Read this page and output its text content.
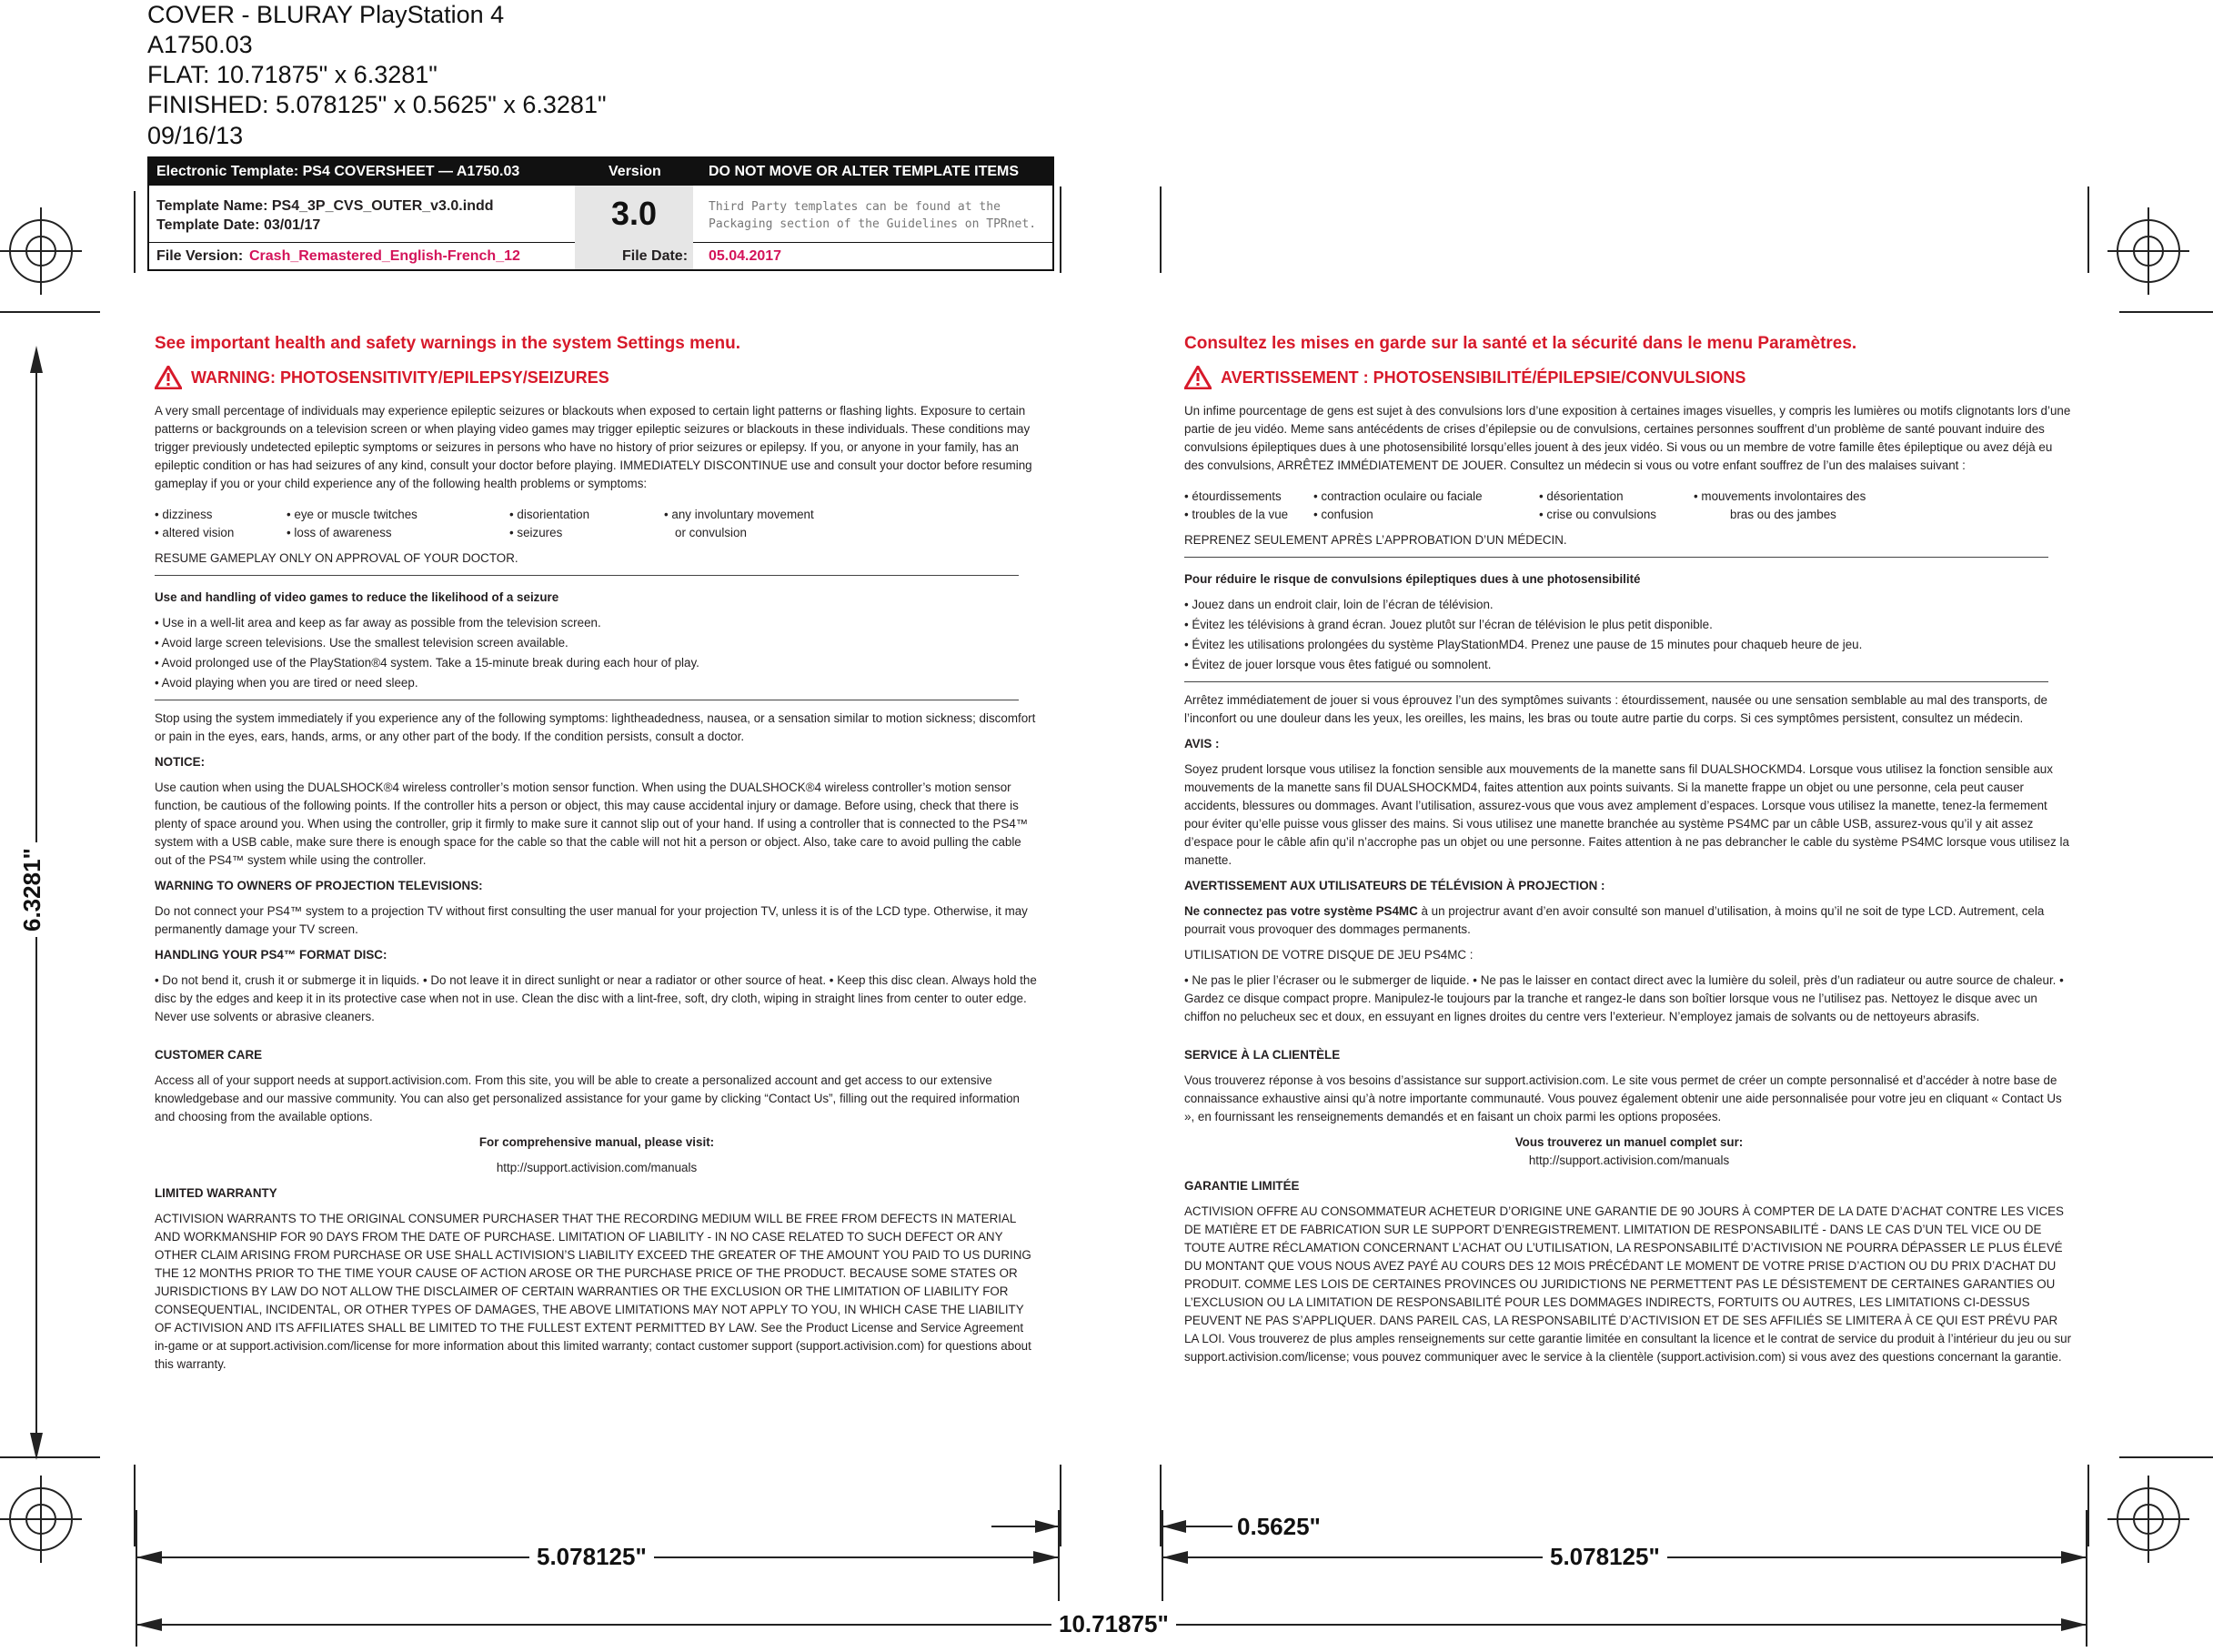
COVER - BLURAY PlayStation 4
A1750.03
FLAT: 10.71875" x 6.3281"
FINISHED: 5.078125" x 0.5625" x 6.3281"
09/16/13
Electronic Template: PS4 COVERSHEET — A1750.03	Version	DO NOT MOVE OR ALTER TEMPLATE ITEMS
3.0
Template Name: PS4_3P_CVS_OUTER_v3.0.indd
Template Date: 03/01/17
Third Party templates can be found at the Packaging section of the Guidelines on TPRnet.
File Version: Crash_Remastered_English-French_12	File Date: 05.04.2017
6.3281"
5.078125"
0.5625"
5.078125"
10.71875"
See important health and safety warnings in the system Settings menu.
WARNING: PHOTOSENSITIVITY/EPILEPSY/SEIZURES

A very small percentage of individuals may experience epileptic seizures or blackouts when exposed to certain light patterns or flashing lights. Exposure to certain patterns or backgrounds on a television screen or when playing video games may trigger epileptic seizures or blackouts in these individuals. These conditions may trigger previously undetected epileptic symptoms or seizures in persons who have no history of prior seizures or epilepsy. If you, or anyone in your family, has an epileptic condition or has had seizures of any kind, consult your doctor before playing. IMMEDIATELY DISCONTINUE use and consult your doctor before resuming gameplay if you or your child experience any of the following health problems or symptoms:

• dizziness	• eye or muscle twitches	• disorientation	• any involuntary movement
• altered vision	• loss of awareness	• seizures	or convulsion

RESUME GAMEPLAY ONLY ON APPROVAL OF YOUR DOCTOR.

Use and handling of video games to reduce the likelihood of a seizure

• Use in a well-lit area and keep as far away as possible from the television screen.
• Avoid large screen televisions. Use the smallest television screen available.
• Avoid prolonged use of the PlayStation®4 system. Take a 15-minute break during each hour of play.
• Avoid playing when you are tired or need sleep.

Stop using the system immediately if you experience any of the following symptoms: lightheadedness, nausea, or a sensation similar to motion sickness; discomfort or pain in the eyes, ears, hands, arms, or any other part of the body. If the condition persists, consult a doctor.

NOTICE:

Use caution when using the DUALSHOCK®4 wireless controller’s motion sensor function. When using the DUALSHOCK®4 wireless controller’s motion sensor function, be cautious of the following points. If the controller hits a person or object, this may cause accidental injury or damage. Before using, check that there is plenty of space around you. When using the controller, grip it firmly to make sure it cannot slip out of your hand. If using a controller that is connected to the PS4™ system with a USB cable, make sure there is enough space for the cable so that the cable will not hit a person or object. Also, take care to avoid pulling the cable out of the PS4™ system while using the controller.

WARNING TO OWNERS OF PROJECTION TELEVISIONS:

Do not connect your PS4™ system to a projection TV without first consulting the user manual for your projection TV, unless it is of the LCD type. Otherwise, it may permanently damage your TV screen.

HANDLING YOUR PS4™ FORMAT DISC:

• Do not bend it, crush it or submerge it in liquids. • Do not leave it in direct sunlight or near a radiator or other source of heat. • Keep this disc clean. Always hold the disc by the edges and keep it in its protective case when not in use. Clean the disc with a lint-free, soft, dry cloth, wiping in straight lines from center to outer edge. Never use solvents or abrasive cleaners.

CUSTOMER CARE

Access all of your support needs at support.activision.com. From this site, you will be able to create a personalized account and get access to our extensive knowledgebase and our massive community. You can also get personalized assistance for your game by clicking “Contact Us”, filling out the required information and choosing from the available options.

For comprehensive manual, please visit:

http://support.activision.com/manuals

LIMITED WARRANTY

ACTIVISION WARRANTS TO THE ORIGINAL CONSUMER PURCHASER THAT THE RECORDING MEDIUM WILL BE FREE FROM DEFECTS IN MATERIAL AND WORKMANSHIP FOR 90 DAYS FROM THE DATE OF PURCHASE. LIMITATION OF LIABILITY - IN NO CASE RELATED TO SUCH DEFECT OR ANY OTHER CLAIM ARISING FROM PURCHASE OR USE SHALL ACTIVISION’S LIABILITY EXCEED THE GREATER OF THE AMOUNT YOU PAID TO US DURING THE 12 MONTHS PRIOR TO THE TIME YOUR CAUSE OF ACTION AROSE OR THE PURCHASE PRICE OF THE PRODUCT. BECAUSE SOME STATES OR JURISDICTIONS BY LAW DO NOT ALLOW THE DISCLAIMER OF CERTAIN WARRANTIES OR THE EXCLUSION OR THE LIMITATION OF LIABILITY FOR CONSEQUENTIAL, INCIDENTAL, OR OTHER TYPES OF DAMAGES, THE ABOVE LIMITATIONS MAY NOT APPLY TO YOU, IN WHICH CASE THE LIABILITY OF ACTIVISION AND ITS AFFILIATES SHALL BE LIMITED TO THE FULLEST EXTENT PERMITTED BY LAW. See the Product License and Service Agreement in-game or at support.activision.com/license for more information about this limited warranty; contact customer support (support.activision.com) for questions about this warranty.

Consultez les mises en garde sur la santé et la sécurité dans le menu Paramètres.
AVERTISSEMENT : PHOTOSENSIBILITÉ/ÉPILEPSIE/CONVULSIONS

Un infime pourcentage de gens est sujet à des convulsions lors d’une exposition à certaines images visuelles, y compris les lumières ou motifs clignotants lors d’une partie de jeu vidéo. Meme sans antécédents de crises d’épilepsie ou de convulsions, certaines personnes souffrent d’un problème de santé pouvant induire des convulsions épileptiques dues à une photosensibilité lorsqu’elles jouent à des jeux vidéo. Si vous ou un membre de votre famille êtes épileptique ou avez déjà eu des convulsions, ARRÊTEZ IMMÉDIATEMENT DE JOUER. Consultez un médecin si vous ou votre enfant souffrez de l’un des malaises suivant :

• étourdissements	• contraction oculaire ou faciale	• désorientation	• mouvements involontaires des
• troubles de la vue	• confusion	• crise ou convulsions	bras ou des jambes

REPRENEZ SEULEMENT APRÈS L’APPROBATION D’UN MÉDECIN.

Pour réduire le risque de convulsions épileptiques dues à une photosensibilité

• Jouez dans un endroit clair, loin de l’écran de télévision.
• Évitez les télévisions à grand écran. Jouez plutôt sur l’écran de télévision le plus petit disponible.
• Évitez les utilisations prolongées du système PlayStationMD4. Prenez une pause de 15 minutes pour chaqueb heure de jeu.
• Évitez de jouer lorsque vous êtes fatigué ou somnolent.

Arrêtez immédiatement de jouer si vous éprouvez l’un des symptômes suivants : étourdissement, nausée ou une sensation semblable au mal des transports, de l’inconfort ou une douleur dans les yeux, les oreilles, les mains, les bras ou toute autre partie du corps. Si ces symptômes persistent, consultez un médecin.

AVIS :

Soyez prudent lorsque vous utilisez la fonction sensible aux mouvements de la manette sans fil DUALSHOCKMD4. Lorsque vous utilisez la fonction sensible aux mouvements de la manette sans fil DUALSHOCKMD4, faites attention aux points suivants. Si la manette frappe un objet ou une personne, cela peut causer accidents, blessures ou dommages. Avant l’utilisation, assurez-vous que vous avez amplement d’espaces. Lorsque vous utilisez la manette, tenez-la fermement pour éviter qu’elle puisse vous glisser des mains. Si vous utilisez une manette branchée au système PS4MC par un câble USB, assurez-vous qu’il y ait assez d’espace pour le câble afin qu’il n’accrophe pas un objet ou une personne. Faites attention à ne pas debrancher le cable du système PS4MC lorsque vous utilisez la manette.

AVERTISSEMENT AUX UTILISATEURS DE TÉLÉVISION À PROJECTION :

Ne connectez pas votre système PS4MC à un projectrur avant d’en avoir consulté son manuel d’utilisation, à moins qu’il ne soit de type LCD. Autrement, cela pourrait vous provoquer des dommages permanents.

UTILISATION DE VOTRE DISQUE DE JEU PS4MC :

• Ne pas le plier l’écraser ou le submerger de liquide. • Ne pas le laisser en contact direct avec la lumière du soleil, près d’un radiateur ou autre source de chaleur. • Gardez ce disque compact propre. Manipulez-le toujours par la tranche et rangez-le dans son boîtier lorsque vous ne l’utilisez pas. Nettoyez le disque avec un chiffon no pelucheux sec et doux, en essuyant en lignes droites du centre vers l’exterieur. N’employez jamais de solvants ou de nettoyeurs abrasifs.

SERVICE À LA CLIENTÈLE

Vous trouverez réponse à vos besoins d’assistance sur support.activision.com. Le site vous permet de créer un compte personnalisé et d’accéder à notre base de connaissance exhaustive ainsi qu’à notre importante communauté. Vous pouvez également obtenir une aide personnalisée pour votre jeu en cliquant « Contact Us », en fournissant les renseignements demandés et en faisant un choix parmi les options proposées.

Vous trouverez un manuel complet sur:

http://support.activision.com/manuals

GARANTIE LIMITÉE

ACTIVISION OFFRE AU CONSOMMATEUR ACHETEUR D’ORIGINE UNE GARANTIE DE 90 JOURS À COMPTER DE LA DATE D’ACHAT CONTRE LES VICES DE MATIÈRE ET DE FABRICATION SUR LE SUPPORT D’ENREGISTREMENT. LIMITATION DE RESPONSABILITÉ - DANS LE CAS D’UN TEL VICE OU DE TOUTE AUTRE RÉCLAMATION CONCERNANT L’ACHAT OU L’UTILISATION, LA RESPONSABILITÉ D’ACTIVISION NE POURRA DÉPASSER LE PLUS ÉLEVÉ DU MONTANT QUE VOUS NOUS AVEZ PAYÉ AU COURS DES 12 MOIS PRÉCÉDANT LE MOMENT DE VOTRE PRISE D’ACTION OU DU PRIX D’ACHAT DU PRODUIT. COMME LES LOIS DE CERTAINES PROVINCES OU JURIDICTIONS NE PERMETTENT PAS LE DÉSISTEMENT DE CERTAINES GARANTIES OU L’EXCLUSION OU LA LIMITATION DE RESPONSABILITÉ POUR LES DOMMAGES INDIRECTS, FORTUITS OU AUTRES, LES LIMITATIONS CI-DESSUS PEUVENT NE PAS S’APPLIQUER. DANS PAREIL CAS, LA RESPONSABILITÉ D’ACTIVISION ET DE SES AFFILIÉS SE LIMITERA À CE QUI EST PRÉVU PAR LA LOI. Vous trouverez de plus amples renseignements sur cette garantie limitée en consultant la licence et le contrat de service du produit à l’intérieur du jeu ou sur support.activision.com/license; vous pouvez communiquer avec le service à la clientèle (support.activision.com) si vous avez des questions concernant la garantie.
